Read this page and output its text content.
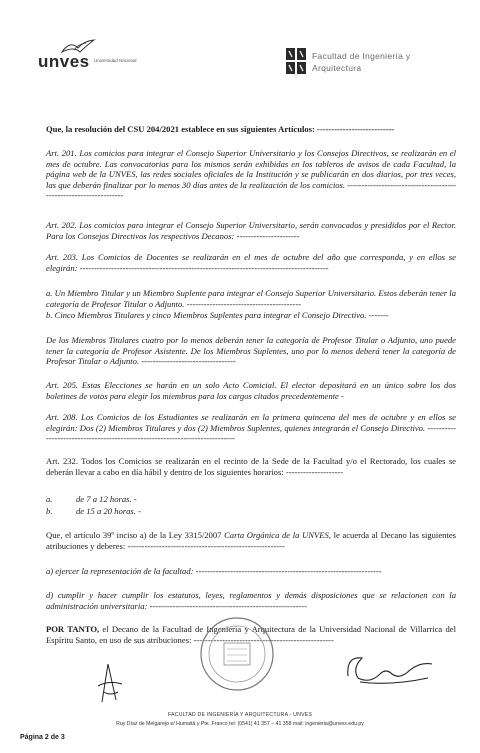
unves Universidad Nacional	Facultad de Ingeniería y
Arquitectura
Que, la resolución del CSU 204/2021 establece en sus siguientes Artículos: ---------------------------
Art. 201. Los comicios para integrar el Consejo Superior Universitario y los Consejos Directivos, se realizarán en el mes de octubre. Las convocatorias para los mismos serán exhibidas en los tableros de avisos de cada Facultad, la página web de la UNVES, las redes sociales oficiales de la Institución y se publicarán en dos diarios, por tres veces, las que deberán finalizar por lo menos 30 días antes de la realización de los comicios. -----------------------------------------------------------------
Art. 202. Los comicios para integrar el Consejo Superior Universitario, serán convocados y presididos por el Rector. Para los Consejos Directivos los respectivos Decanos: ----------------------
Art. 203. Los Comicios de Docentes se realizarán en el mes de octubre del año que corresponda, y en ellos se elegirán: ---------------------------------------------------------------------------------------
a. Un Miembro Titular y un Miembro Suplente para integrar el Consejo Superior Universitario. Estos deberán tener la categoría de Profesor Titular o Adjunto. ----------------------------------------
b. Cinco Miembros Titulares y cinco Miembros Suplentes para integrar el Consejo Directivo. -------
De los Miembros Titulares cuatro por lo menos deberán tener la categoría de Profesor Titular o Adjunto, uno puede tener la categoría de Profesor Asistente. De los Miembros Suplentes, uno por lo menos deberá tener la categoría de Profesor Titular o Adjunto. ---------------------------------
Art. 205. Estas Elecciones se harán en un solo Acto Comicial. El elector depositará en un único sobre los dos boletines de votos para elegir los miembros para los cargos citados precedentemente -
Art. 208. Los Comicios de los Estudiantes se realizarán en la primera quincena del mes de octubre y en ellos se elegirán: Dos (2) Miembros Titulares y dos (2) Miembros Suplentes, quienes integrarán el Consejo Directivo. ----------------------------------------------------------------------------
Art. 232. Todos los Comicios se realizarán en el recinto de la Sede de la Facultad y/o el Rectorado, los cuales se deberán llevar a cabo en día hábil y dentro de los siguientes horarios: --------------------
a.	de 7 a 12 horas. -
b.	de 15 a 20 horas. -
Que, el artículo 39º inciso a) de la Ley 3315/2007 Carta Orgánica de la UNVES, le acuerda al Decano las siguientes atribuciones y deberes: -------------------------------------------------------
a) ejercer la representación de la facultad: -----------------------------------------------------------------
d) cumplir y hacer cumplir los estatutos, leyes, reglamentos y demás disposiciones que se relacionen con la administración universitaria: -------------------------------------------------------
POR TANTO, el Decano de la Facultad de Ingeniería y Arquitectura de la Universidad Nacional de Villarrica del Espíritu Santo, en uso de sus atribuciones: -------------------------------------------------
FACULTAD DE INGENIERÍA Y ARQUITECTURA - UNVES
Ruy Díaz de Melgarejo e/ Humaitá y Pte. Franco tel: (0541) 41 357 – 41 358 mail: ingenieria@unves.edu.py
Página 2 de 3
